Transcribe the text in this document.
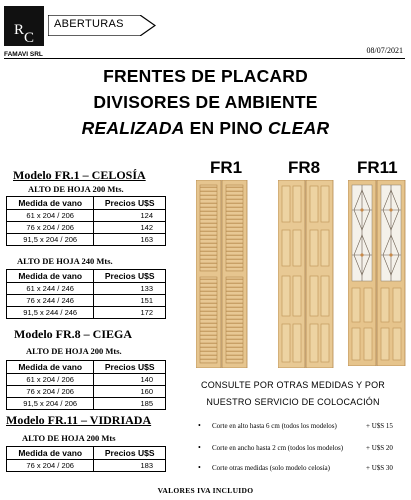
$^R_C$
ABERTURAS
FAMAVI SRL	08/07/2021
FRENTES DE PLACARD
DIVISORES DE AMBIENTE
REALIZADA EN PINO CLEAR
Modelo FR.1 – CELOSÍA
ALTO DE HOJA 200 Mts.
Medida de vano	Precios U$S
61 x 204 / 206	124
76 x 204 / 206	142
91,5 x 204 / 206	163
ALTO DE HOJA 240 Mts.
Medida de vano	Precios U$S
61 x 244 / 246	133
76 x 244 / 246	151
91,5 x 244 / 246	172
Modelo FR.8 – CIEGA
ALTO DE HOJA 200 Mts.
Medida de vano	Precios U$S
61 x 204 / 206	140
76 x 204 / 206	160
91,5 x 204 / 206	185
Modelo FR.11 – VIDRIADA
ALTO DE HOJA 200 Mts
Medida de vano	Precios U$S
76 x 204 / 206	183
FR1	FR8 FR11
CONSULTE POR OTRAS MEDIDAS Y POR
NUESTRO SERVICIO DE COLOCACIÓN
• Corte en alto hasta 6 cm (todos los modelos)	+ U$S 15
• Corte en ancho hasta 2 cm (todos los modelos)	+ U$S 20
• Corte otras medidas (solo modelo celosía)	+ U$S 30
VALORES IVA INCLUIDO
